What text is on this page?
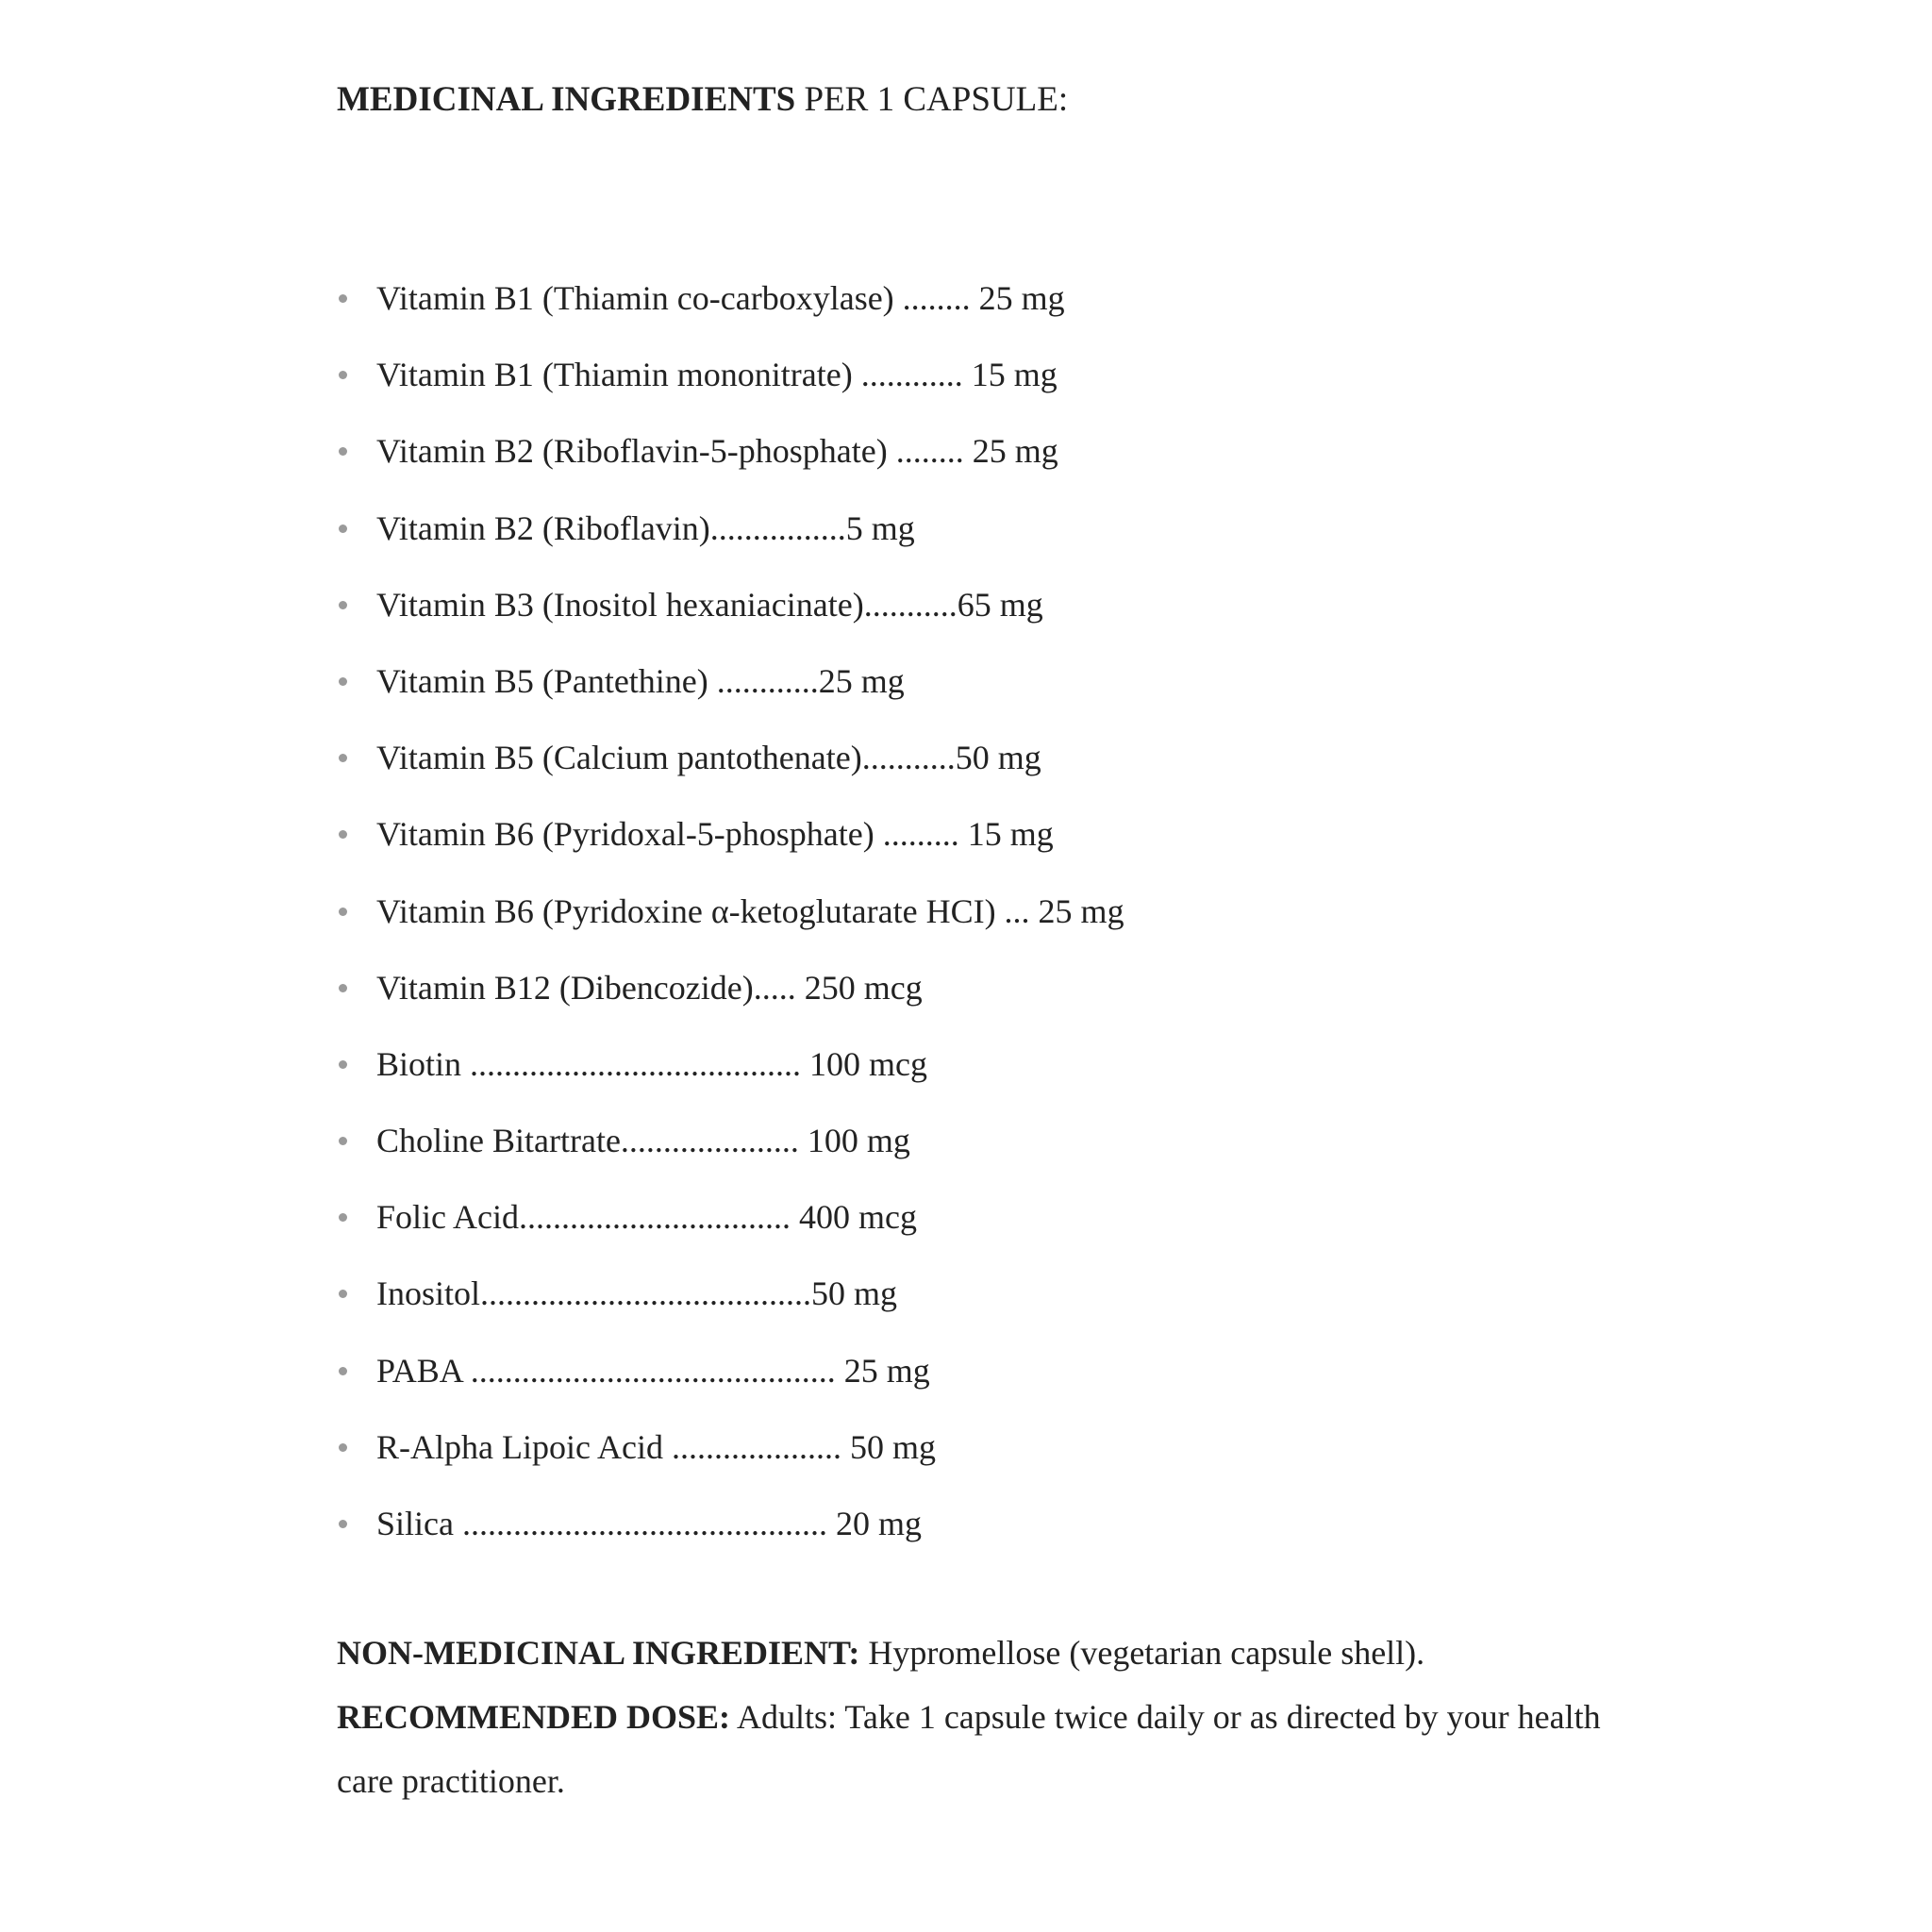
MEDICINAL INGREDIENTS PER 1 CAPSULE:
Vitamin B1 (Thiamin co-carboxylase) ........ 25 mg
Vitamin B1 (Thiamin mononitrate) ............ 15 mg
Vitamin B2 (Riboflavin-5-phosphate) ........ 25 mg
Vitamin B2 (Riboflavin)................5 mg
Vitamin B3 (Inositol hexaniacinate)...........65 mg
Vitamin B5 (Pantethine) ............25 mg
Vitamin B5 (Calcium pantothenate)...........50 mg
Vitamin B6 (Pyridoxal-5-phosphate) ......... 15 mg
Vitamin B6 (Pyridoxine α-ketoglutarate HCI) ... 25 mg
Vitamin B12 (Dibencozide)..... 250 mcg
Biotin ....................................... 100 mcg
Choline Bitartrate..................... 100 mg
Folic Acid................................ 400 mcg
Inositol.......................................50 mg
PABA ........................................... 25 mg
R-Alpha Lipoic Acid .................... 50 mg
Silica ........................................... 20 mg
NON-MEDICINAL INGREDIENT: Hypromellose (vegetarian capsule shell).
RECOMMENDED DOSE: Adults: Take 1 capsule twice daily or as directed by your health care practitioner.
